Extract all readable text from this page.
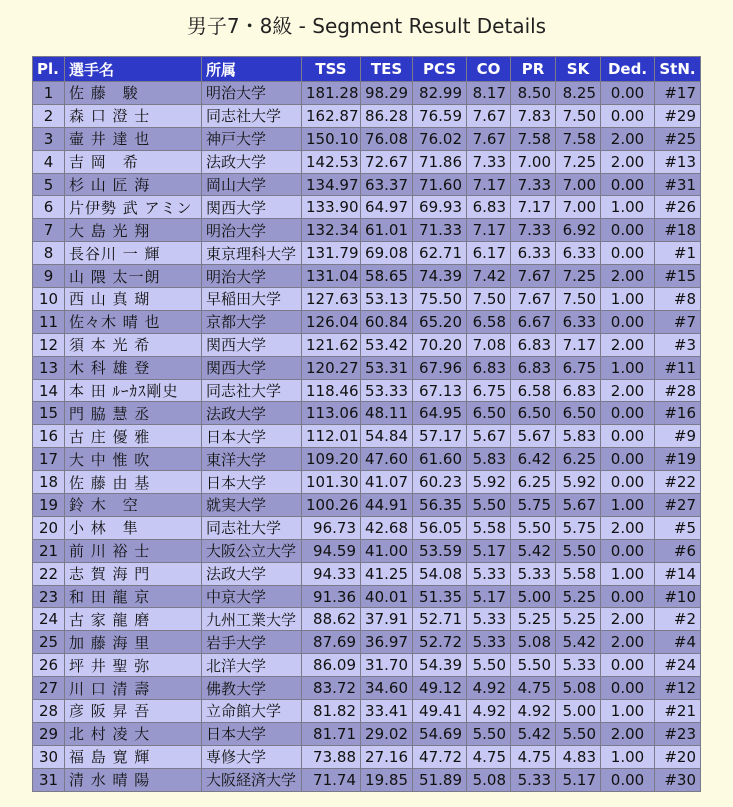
男子7・8級 - Segment Result Details
Pl.	選手名	所属	TSS	TES	PCS	CO	PR	SK	Ded.	StN.
1	佐 藤　駿	明治大学	181.28	98.29	82.99	8.17	8.50	8.25	0.00	#17
2	森 口 澄 士	同志社大学	162.87	86.28	76.59	7.67	7.83	7.50	0.00	#29
3	壷 井 達 也	神戸大学	150.10	76.08	76.02	7.67	7.58	7.58	2.00	#25
4	吉 岡　希	法政大学	142.53	72.67	71.86	7.33	7.00	7.25	2.00	#13
5	杉 山 匠 海	岡山大学	134.97	63.37	71.60	7.17	7.33	7.00	0.00	#31
6	片伊勢 武 アミン	関西大学	133.90	64.97	69.93	6.83	7.17	7.00	1.00	#26
7	大 島 光 翔	明治大学	132.34	61.01	71.33	7.17	7.33	6.92	0.00	#18
8	長谷川 一 輝	東京理科大学	131.79	69.08	62.71	6.17	6.33	6.33	0.00	#1
9	山 隈 太一朗	明治大学	131.04	58.65	74.39	7.42	7.67	7.25	2.00	#15
10	西 山 真 瑚	早稲田大学	127.63	53.13	75.50	7.50	7.67	7.50	1.00	#8
11	佐々木 晴 也	京都大学	126.04	60.84	65.20	6.58	6.67	6.33	0.00	#7
12	須 本 光 希	関西大学	121.62	53.42	70.20	7.08	6.83	7.17	2.00	#3
13	木 科 雄 登	関西大学	120.27	53.31	67.96	6.83	6.83	6.75	1.00	#11
14	本 田 ﾙｰｶｽ剛史	同志社大学	118.46	53.33	67.13	6.75	6.58	6.83	2.00	#28
15	門 脇 慧 丞	法政大学	113.06	48.11	64.95	6.50	6.50	6.50	0.00	#16
16	古 庄 優 雅	日本大学	112.01	54.84	57.17	5.67	5.67	5.83	0.00	#9
17	大 中 惟 吹	東洋大学	109.20	47.60	61.60	5.83	6.42	6.25	0.00	#19
18	佐 藤 由 基	日本大学	101.30	41.07	60.23	5.92	6.25	5.92	0.00	#22
19	鈴 木　空	就実大学	100.26	44.91	56.35	5.50	5.75	5.67	1.00	#27
20	小 林　隼	同志社大学	96.73	42.68	56.05	5.58	5.50	5.75	2.00	#5
21	前 川 裕 士	大阪公立大学	94.59	41.00	53.59	5.17	5.42	5.50	0.00	#6
22	志 賀 海 門	法政大学	94.33	41.25	54.08	5.33	5.33	5.58	1.00	#14
23	和 田 龍 京	中京大学	91.36	40.01	51.35	5.17	5.00	5.25	0.00	#10
24	古 家 龍 磨	九州工業大学	88.62	37.91	52.71	5.33	5.25	5.25	2.00	#2
25	加 藤 海 里	岩手大学	87.69	36.97	52.72	5.33	5.08	5.42	2.00	#4
26	坪 井 聖 弥	北洋大学	86.09	31.70	54.39	5.50	5.50	5.33	0.00	#24
27	川 口 清 壽	佛教大学	83.72	34.60	49.12	4.92	4.75	5.08	0.00	#12
28	彦 阪 昇 吾	立命館大学	81.82	33.41	49.41	4.92	4.92	5.00	1.00	#21
29	北 村 凌 大	日本大学	81.71	29.02	54.69	5.50	5.42	5.50	2.00	#23
30	福 島 寛 輝	専修大学	73.88	27.16	47.72	4.75	4.75	4.83	1.00	#20
31	清 水 晴 陽	大阪経済大学	71.74	19.85	51.89	5.08	5.33	5.17	0.00	#30
